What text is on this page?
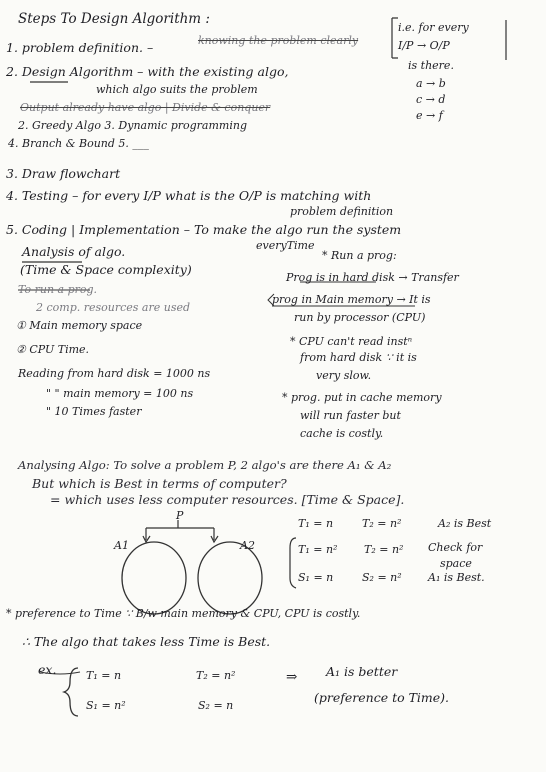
Steps To Design Algorithm :
1. problem definition. –	knowing the problem clearly
2. Design Algorithm – with the existing algo,
which algo suits the problem
Output already have algo | Divide & conquer
2. Greedy Algo 3. Dynamic programming
4. Branch & Bound 5. ___
3. Draw flowchart
4. Testing – for every I/P what is the O/P is matching with
problem definition
5. Coding | Implementation – To make the algo run the system
everyTime
i.e. for every
I/P → O/P
is there.
a → b
c → d
e → f
Analysis of algo.
(Time & Space complexity)
To run a prog.
2 comp. resources are used
① Main memory space
② CPU Time.
Reading from hard disk = 1000 ns
" " main memory = 100 ns
" 10 Times faster
* Run a prog:
Prog is in hard disk → Transfer
prog in Main memory → It is
run by processor (CPU)
* CPU can't read instⁿ
from hard disk ∵ it is
very slow.
* prog. put in cache memory
will run faster but
cache is costly.
Analysing Algo: To solve a problem P, 2 algo's are there A₁ & A₂
But which is Best in terms of computer?
= which uses less computer resources. [Time & Space].
P
A1	A2
T₁ = n	T₂ = n²	A₂ is Best
T₁ = n² T₂ = n² Check for
space
S₁ = n	S₂ = n² A₁ is Best.
* preference to Time ∵ B/w main memory & CPU, CPU is costly.
∴ The algo that takes less Time is Best.
ex.	T₁ = n
S₁ = n²
T₂ = n²
S₂ = n
⇒ A₁ is better
(preference to Time).
